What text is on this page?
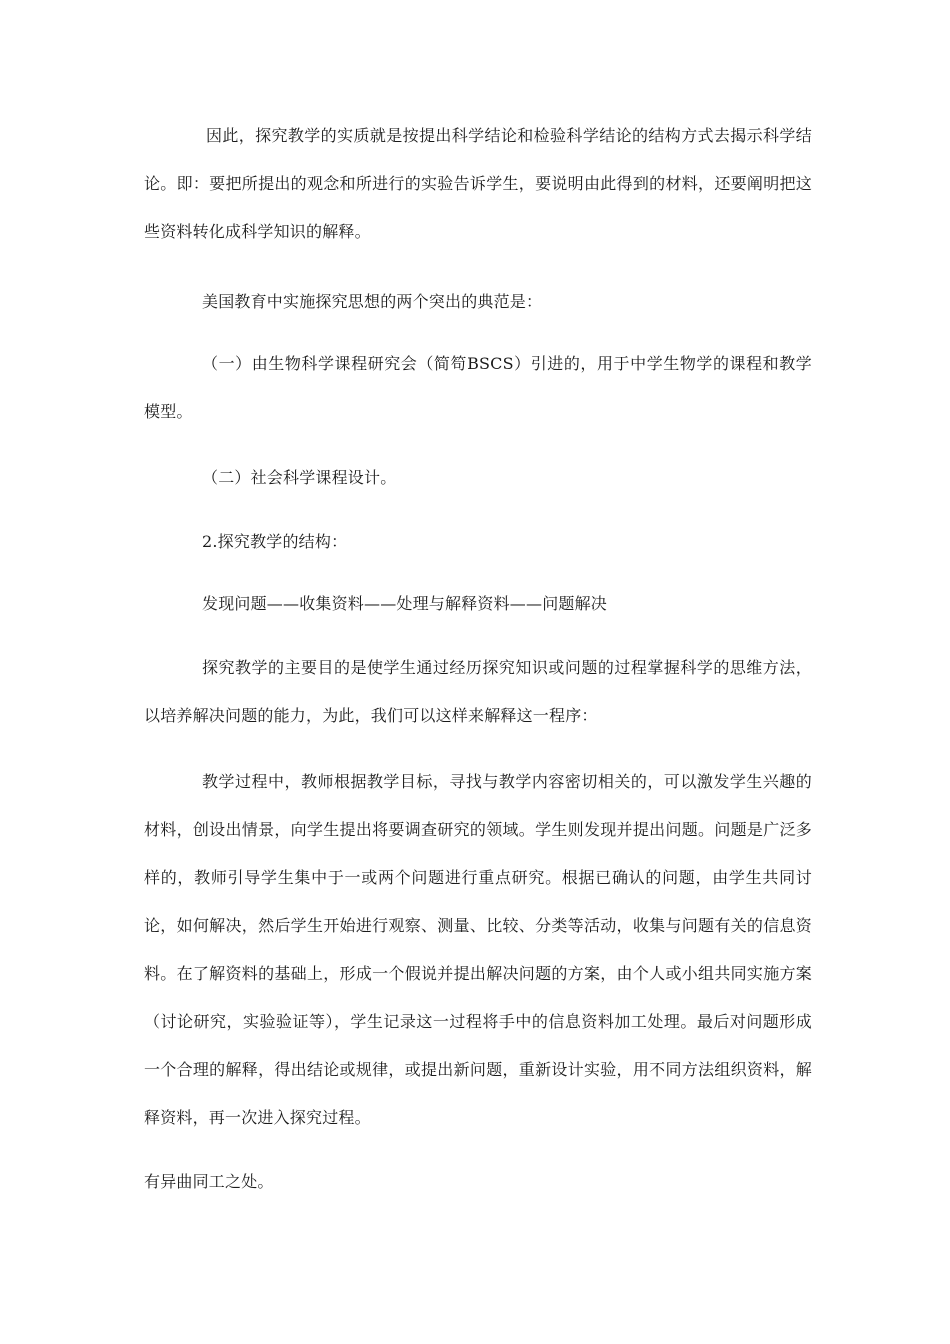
因此，探究教学的实质就是按提出科学结论和检验科学结论的结构方式去揭示科学结论。即：要把所提出的观念和所进行的实验告诉学生，要说明由此得到的材料，还要阐明把这些资料转化成科学知识的解释。

美国教育中实施探究思想的两个突出的典范是：

（一）由生物科学课程研究会（简笱BSCS）引进的，用于中学生物学的课程和教学模型。

（二）社会科学课程设计。

2.探究教学的结构：

发现问题——收集资料——处理与解释资料——问题解决

探究教学的主要目的是使学生通过经历探究知识或问题的过程掌握科学的思维方法，以培养解决问题的能力，为此，我们可以这样来解释这一程序：

教学过程中，教师根据教学目标，寻找与教学内容密切相关的，可以激发学生兴趣的材料，创设出情景，向学生提出将要调查研究的领域。学生则发现并提出问题。问题是广泛多样的，教师引导学生集中于一或两个问题进行重点研究。根据已确认的问题，由学生共同讨论，如何解决，然后学生开始进行观察、测量、比较、分类等活动，收集与问题有关的信息资料。在了解资料的基础上，形成一个假说并提出解决问题的方案，由个人或小组共同实施方案（讨论研究，实验验证等），学生记录这一过程将手中的信息资料加工处理。最后对问题形成一个合理的解释，得出结论或规律，或提出新问题，重新设计实验，用不同方法组织资料，解释资料，再一次进入探究过程。

有异曲同工之处。
